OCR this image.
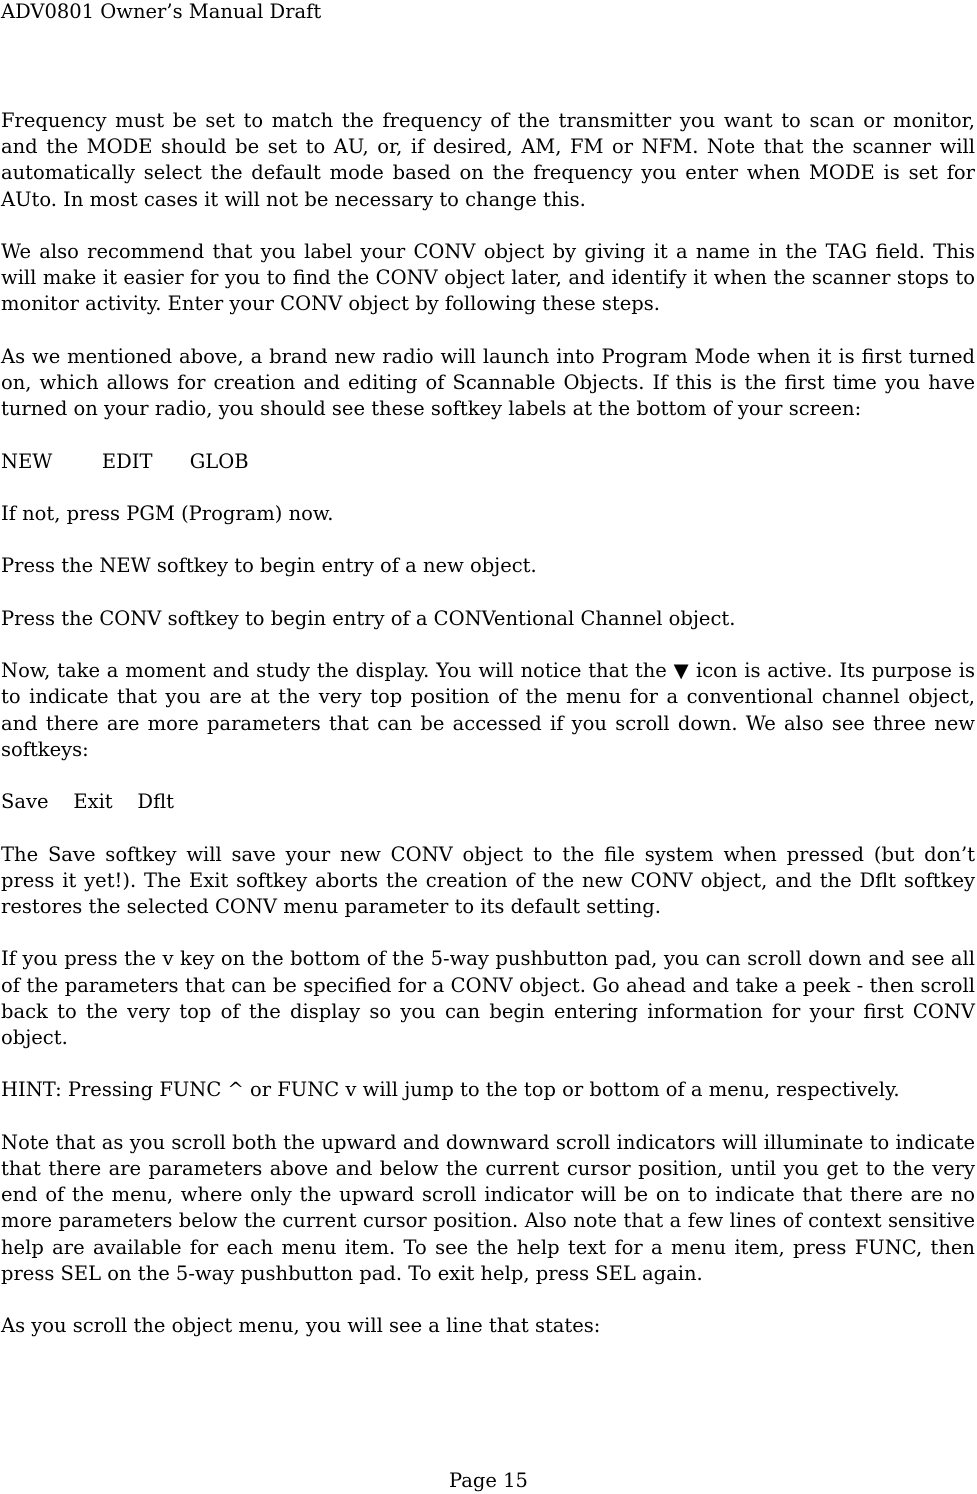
ADV0801 Owner’s Manual Draft

Frequency must be set to match the frequency of the transmitter you want to scan or monitor, and the MODE should be set to AU, or, if desired, AM, FM or NFM. Note that the scanner will automatically select the default mode based on the frequency you enter when MODE is set for AUto. In most cases it will not be necessary to change this.

We also recommend that you label your CONV object by giving it a name in the TAG field. This will make it easier for you to find the CONV object later, and identify it when the scanner stops to monitor activity. Enter your CONV object by following these steps.

As we mentioned above, a brand new radio will launch into Program Mode when it is first turned on, which allows for creation and editing of Scannable Objects. If this is the first time you have turned on your radio, you should see these softkey labels at the bottom of your screen:

NEW        EDIT      GLOB

If not, press PGM (Program) now.

Press the NEW softkey to begin entry of a new object.

Press the CONV softkey to begin entry of a CONVentional Channel object.

Now, take a moment and study the display. You will notice that the ▼ icon is active. Its purpose is to indicate that you are at the very top position of the menu for a conventional channel object, and there are more parameters that can be accessed if you scroll down. We also see three new softkeys:

Save    Exit    Dflt

The Save softkey will save your new CONV object to the file system when pressed (but don’t press it yet!). The Exit softkey aborts the creation of the new CONV object, and the Dflt softkey restores the selected CONV menu parameter to its default setting.

If you press the v key on the bottom of the 5-way pushbutton pad, you can scroll down and see all of the parameters that can be specified for a CONV object. Go ahead and take a peek - then scroll back to the very top of the display so you can begin entering information for your first CONV object.

HINT: Pressing FUNC ^ or FUNC v will jump to the top or bottom of a menu, respectively.

Note that as you scroll both the upward and downward scroll indicators will illuminate to indicate that there are parameters above and below the current cursor position, until you get to the very end of the menu, where only the upward scroll indicator will be on to indicate that there are no more parameters below the current cursor position. Also note that a few lines of context sensitive help are available for each menu item. To see the help text for a menu item, press FUNC, then press SEL on the 5-way pushbutton pad. To exit help, press SEL again.

As you scroll the object menu, you will see a line that states:

Page 15
